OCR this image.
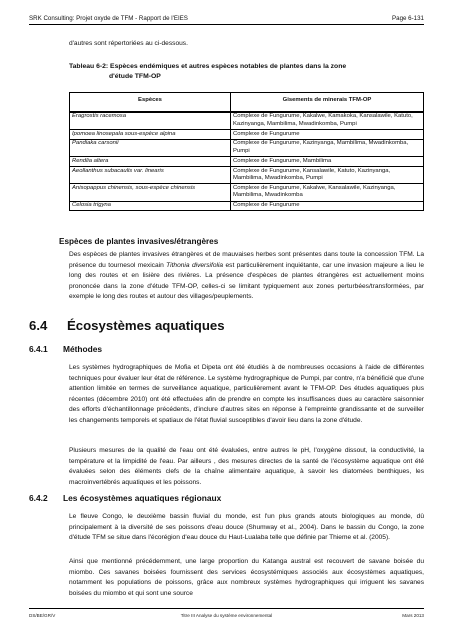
SRK Consulting: Projet oxyde de TFM - Rapport de l'EIES	Page 6-131

d'autres sont répertoriées au ci-dessous.

Tableau 6-2: Espèces endémiques et autres espèces notables de plantes dans la zone
d'étude TFM-OP

Espèces	Gisements de minerais TFM-OP
Eragrostis racemosa	Complexe de Fungurume, Kakalwe, Kamakoka, Kansalawile, Katuto, Kazinyanga, Mambilima, Mwadinkomba, Pumpi
Ipomoea linosepala sous-espèce alpina	Complexe de Fungurume
Pandiaka carsonii	Complexe de Fungurume, Kazinyanga, Mambilima, Mwadinkomba, Pumpi
Rendlia altera	Complexe de Fungurume, Mambilima
Aeollanthus subacaulis var. linearis	Complexe de Fungurume, Kansalawile, Katuto, Kazinyanga, Mambilima, Mwadinkomba, Pumpi
Anisopappus chinensis, sous-espèce chinensis	Complexe de Fungurume, Kakalwe, Kansalawile, Kazinyanga, Mambilima, Mwadinkomba
Celosia trigyna	Complexe de Fungurume
Espèces de plantes invasives/étrangères

Des espèces de plantes invasives étrangères et de mauvaises herbes sont présentes dans toute la concession TFM. La présence du tournesol mexicain Tithonia diversifolia est particulièrement inquiétante, car une invasion majeure a lieu le long des routes et en lisière des rivières. La présence d'espèces de plantes étrangères est actuellement moins prononcée dans la zone d'étude TFM-OP, celles-ci se limitant typiquement aux zones perturbées/transformées, par exemple le long des routes et autour des villages/peuplements.

6.4 Écosystèmes aquatiques
6.4.1 Méthodes

Les systèmes hydrographiques de Mofia et Dipeta ont été étudiés à de nombreuses occasions à l'aide de différentes techniques pour évaluer leur état de référence. Le système hydrographique de Pumpi, par contre, n'a bénéficié que d'une attention limitée en termes de surveillance aquatique, particulièrement avant le TFM-OP. Des études aquatiques plus récentes (décembre 2010) ont été effectuées afin de prendre en compte les insuffisances dues au caractère saisonnier des efforts d'échantillonnage précédents, d'inclure d'autres sites en réponse à l'empreinte grandissante et de surveiller les changements temporels et spatiaux de l'état fluvial susceptibles d'avoir lieu dans la zone d'étude.

Plusieurs mesures de la qualité de l'eau ont été évaluées, entre autres le pH, l'oxygène dissout, la conductivité, la température et la limpidité de l'eau. Par ailleurs , des mesures directes de la santé de l'écosystème aquatique ont été évaluées selon des éléments clefs de la chaîne alimentaire aquatique, à savoir les diatomées benthiques, les macroinvertébrés aquatiques et les poissons.

6.4.2 Les écosystèmes aquatiques régionaux

Le fleuve Congo, le deuxième bassin fluvial du monde, est l'un plus grands atouts biologiques au monde, dû principalement à la diversité de ses poissons d'eau douce (Shumway et al., 2004). Dans le bassin du Congo, la zone d'étude TFM se situe dans l'écorégion d'eau douce du Haut-Lualaba telle que définie par Thieme et al. (2005).

Ainsi que mentionné précédemment, une large proportion du Katanga austral est recouvert de savane boisée du miombo. Ces savanes boisées fournissent des services écosystémiques associés aux écosystèmes aquatiques, notamment les populations de poissons, grâce aux nombreux systèmes hydrographiques qui irriguent les savanes boisées du miombo et qui sont une source

DS/BE/GR/V	Titre III Analyse du système environnemental	Mars 2013
